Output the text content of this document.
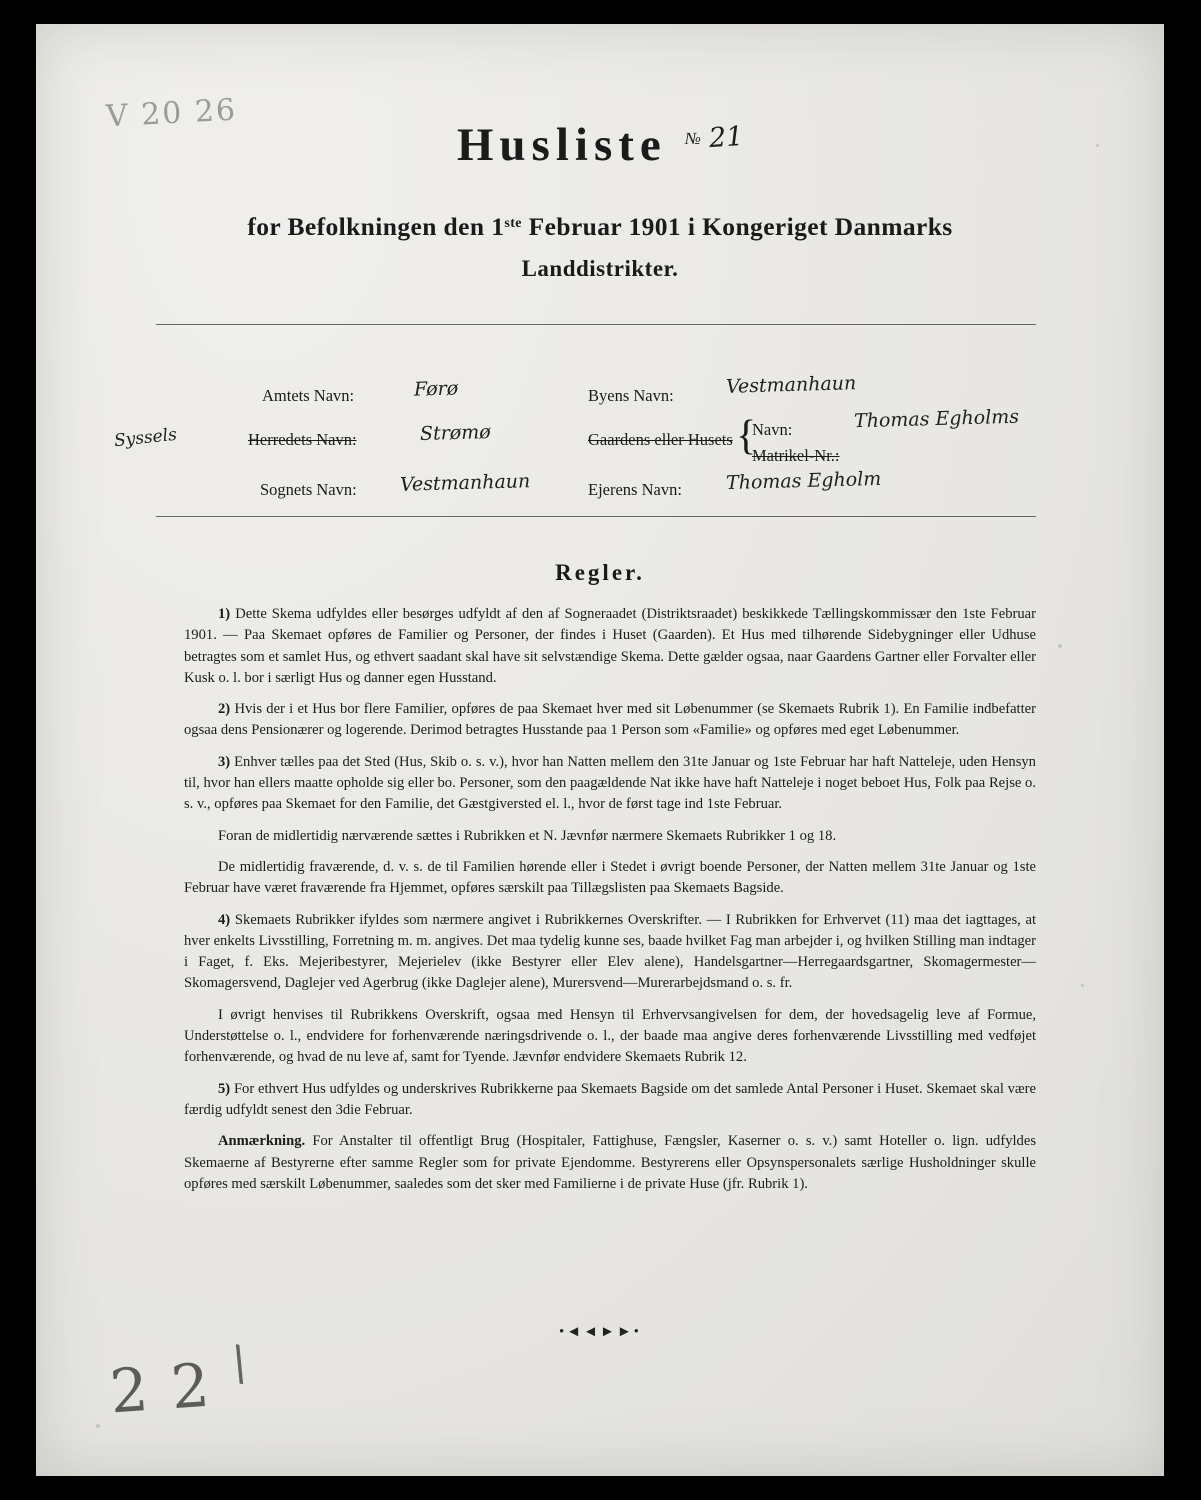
V 20 26
2 2 \
Husliste № 21
for Befolkningen den 1ste Februar 1901 i Kongeriget Danmarks
Landdistrikter.
Amtets Navn:	Førø
Syssels	Herredets Navn:	Strømø
Sognets Navn: Vestmanhaun
Byens Navn:	Vestmanhaun
Gaardens eller Husets {
Navn:	Thomas Egholms
Matrikel-Nr.:
Ejerens Navn: Thomas Egholm
Regler.

1) Dette Skema udfyldes eller besørges udfyldt af den af Sogneraadet (Distriktsraadet) beskikkede Tællingskommissær den 1ste Februar 1901. — Paa Skemaet opføres de Familier og Personer, der findes i Huset (Gaarden). Et Hus med tilhørende Sidebygninger eller Udhuse betragtes som et samlet Hus, og ethvert saadant skal have sit selvstændige Skema. Dette gælder ogsaa, naar Gaardens Gartner eller Forvalter eller Kusk o. l. bor i særligt Hus og danner egen Husstand.

2) Hvis der i et Hus bor flere Familier, opføres de paa Skemaet hver med sit Løbenummer (se Skemaets Rubrik 1). En Familie indbefatter ogsaa dens Pensionærer og logerende. Derimod betragtes Husstande paa 1 Person som «Familie» og opføres med eget Løbenummer.

3) Enhver tælles paa det Sted (Hus, Skib o. s. v.), hvor han Natten mellem den 31te Januar og 1ste Februar har haft Natteleje, uden Hensyn til, hvor han ellers maatte opholde sig eller bo. Personer, som den paagældende Nat ikke have haft Natteleje i noget beboet Hus, Folk paa Rejse o. s. v., opføres paa Skemaet for den Familie, det Gæstgiversted el. l., hvor de først tage ind 1ste Februar.

Foran de midlertidig nærværende sættes i Rubrikken et N. Jævnfør nærmere Skemaets Rubrikker 1 og 18.

De midlertidig fraværende, d. v. s. de til Familien hørende eller i Stedet i øvrigt boende Personer, der Natten mellem 31te Januar og 1ste Februar have været fraværende fra Hjemmet, opføres særskilt paa Tillægslisten paa Skemaets Bagside.

4) Skemaets Rubrikker ifyldes som nærmere angivet i Rubrikkernes Overskrifter. — I Rubrikken for Erhvervet (11) maa det iagttages, at hver enkelts Livsstilling, Forretning m. m. angives. Det maa tydelig kunne ses, baade hvilket Fag man arbejder i, og hvilken Stilling man indtager i Faget, f. Eks. Mejeribestyrer, Mejerielev (ikke Bestyrer eller Elev alene), Handelsgartner—Herregaardsgartner, Skomagermester—Skomagersvend, Daglejer ved Agerbrug (ikke Daglejer alene), Murersvend—Murerarbejdsmand o. s. fr.

I øvrigt henvises til Rubrikkens Overskrift, ogsaa med Hensyn til Erhvervsangivelsen for dem, der hovedsagelig leve af Formue, Understøttelse o. l., endvidere for forhenværende næringsdrivende o. l., der baade maa angive deres forhenværende Livsstilling med vedføjet forhenværende, og hvad de nu leve af, samt for Tyende. Jævnfør endvidere Skemaets Rubrik 12.

5) For ethvert Hus udfyldes og underskrives Rubrikkerne paa Skemaets Bagside om det samlede Antal Personer i Huset. Skemaet skal være færdig udfyldt senest den 3die Februar.

Anmærkning. For Anstalter til offentligt Brug (Hospitaler, Fattighuse, Fængsler, Kaserner o. s. v.) samt Hoteller o. lign. udfyldes Skemaerne af Bestyrerne efter samme Regler som for private Ejendomme. Bestyrerens eller Opsynspersonalets særlige Husholdninger skulle opføres med særskilt Løbenummer, saaledes som det sker med Familierne i de private Huse (jfr. Rubrik 1).

•◄◄►►•
